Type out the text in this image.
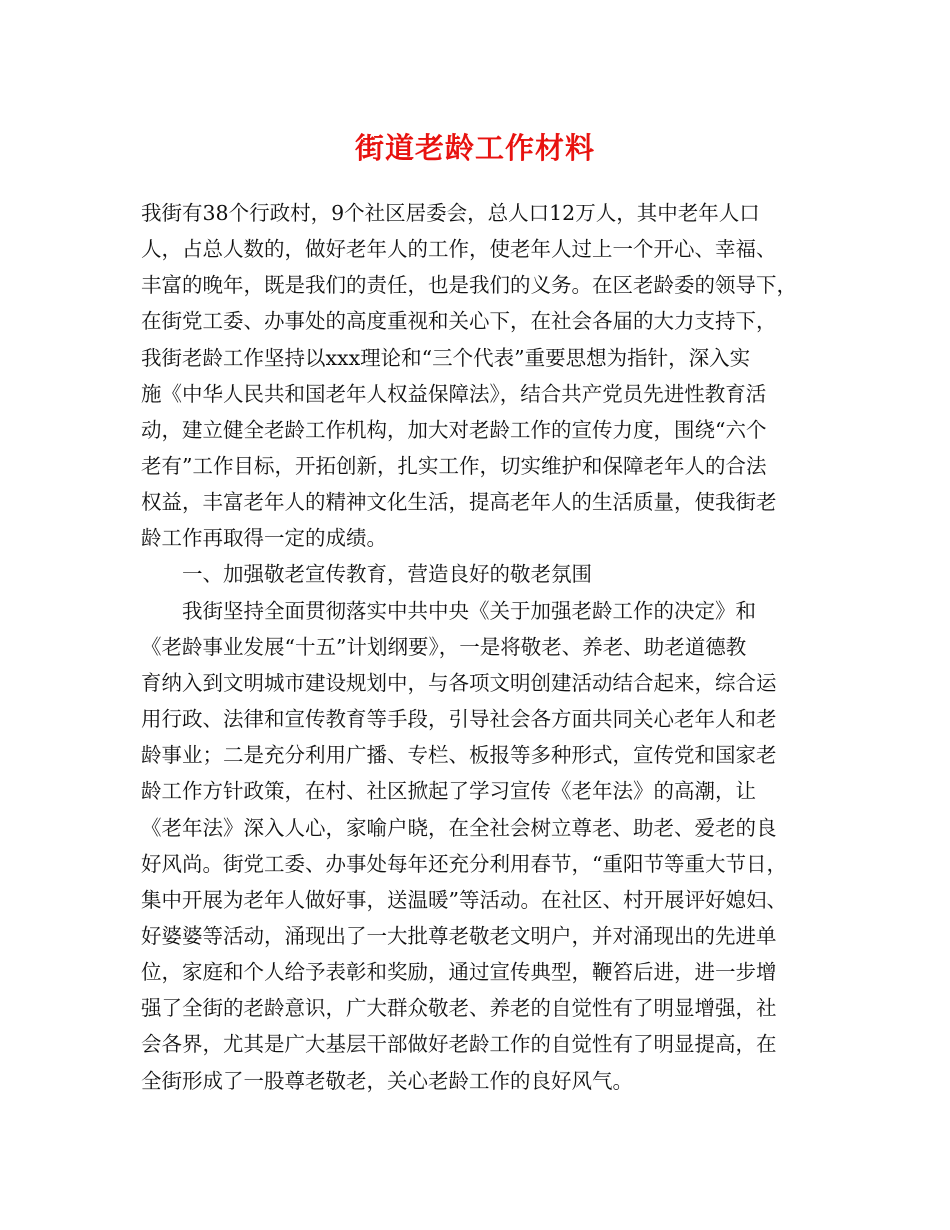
街道老龄工作材料

我街有38个行政村，9个社区居委会，总人口12万人，其中老年人口

人，占总人数的，做好老年人的工作，使老年人过上一个开心、幸福、

丰富的晚年，既是我们的责任，也是我们的义务。在区老龄委的领导下，

在街党工委、办事处的高度重视和关心下，在社会各届的大力支持下，

我街老龄工作坚持以xxx理论和“三个代表”重要思想为指针，深入实

施《中华人民共和国老年人权益保障法》，结合共产党员先进性教育活

动，建立健全老龄工作机构，加大对老龄工作的宣传力度，围绕“六个

老有”工作目标，开拓创新，扎实工作，切实维护和保障老年人的合法

权益，丰富老年人的精神文化生活，提高老年人的生活质量，使我街老

龄工作再取得一定的成绩。

一、加强敬老宣传教育，营造良好的敬老氛围

我街坚持全面贯彻落实中共中央《关于加强老龄工作的决定》和

《老龄事业发展“十五”计划纲要》，一是将敬老、养老、助老道德教

育纳入到文明城市建设规划中，与各项文明创建活动结合起来，综合运

用行政、法律和宣传教育等手段，引导社会各方面共同关心老年人和老

龄事业；二是充分利用广播、专栏、板报等多种形式，宣传党和国家老

龄工作方针政策，在村、社区掀起了学习宣传《老年法》的高潮，让

《老年法》深入人心，家喻户晓，在全社会树立尊老、助老、爱老的良

好风尚。街党工委、办事处每年还充分利用春节，“重阳节等重大节日，

集中开展为老年人做好事，送温暖”等活动。在社区、村开展评好媳妇、

好婆婆等活动，涌现出了一大批尊老敬老文明户，并对涌现出的先进单

位，家庭和个人给予表彰和奖励，通过宣传典型，鞭笞后进，进一步增

强了全街的老龄意识，广大群众敬老、养老的自觉性有了明显增强，社

会各界，尤其是广大基层干部做好老龄工作的自觉性有了明显提高，在

全街形成了一股尊老敬老，关心老龄工作的良好风气。
